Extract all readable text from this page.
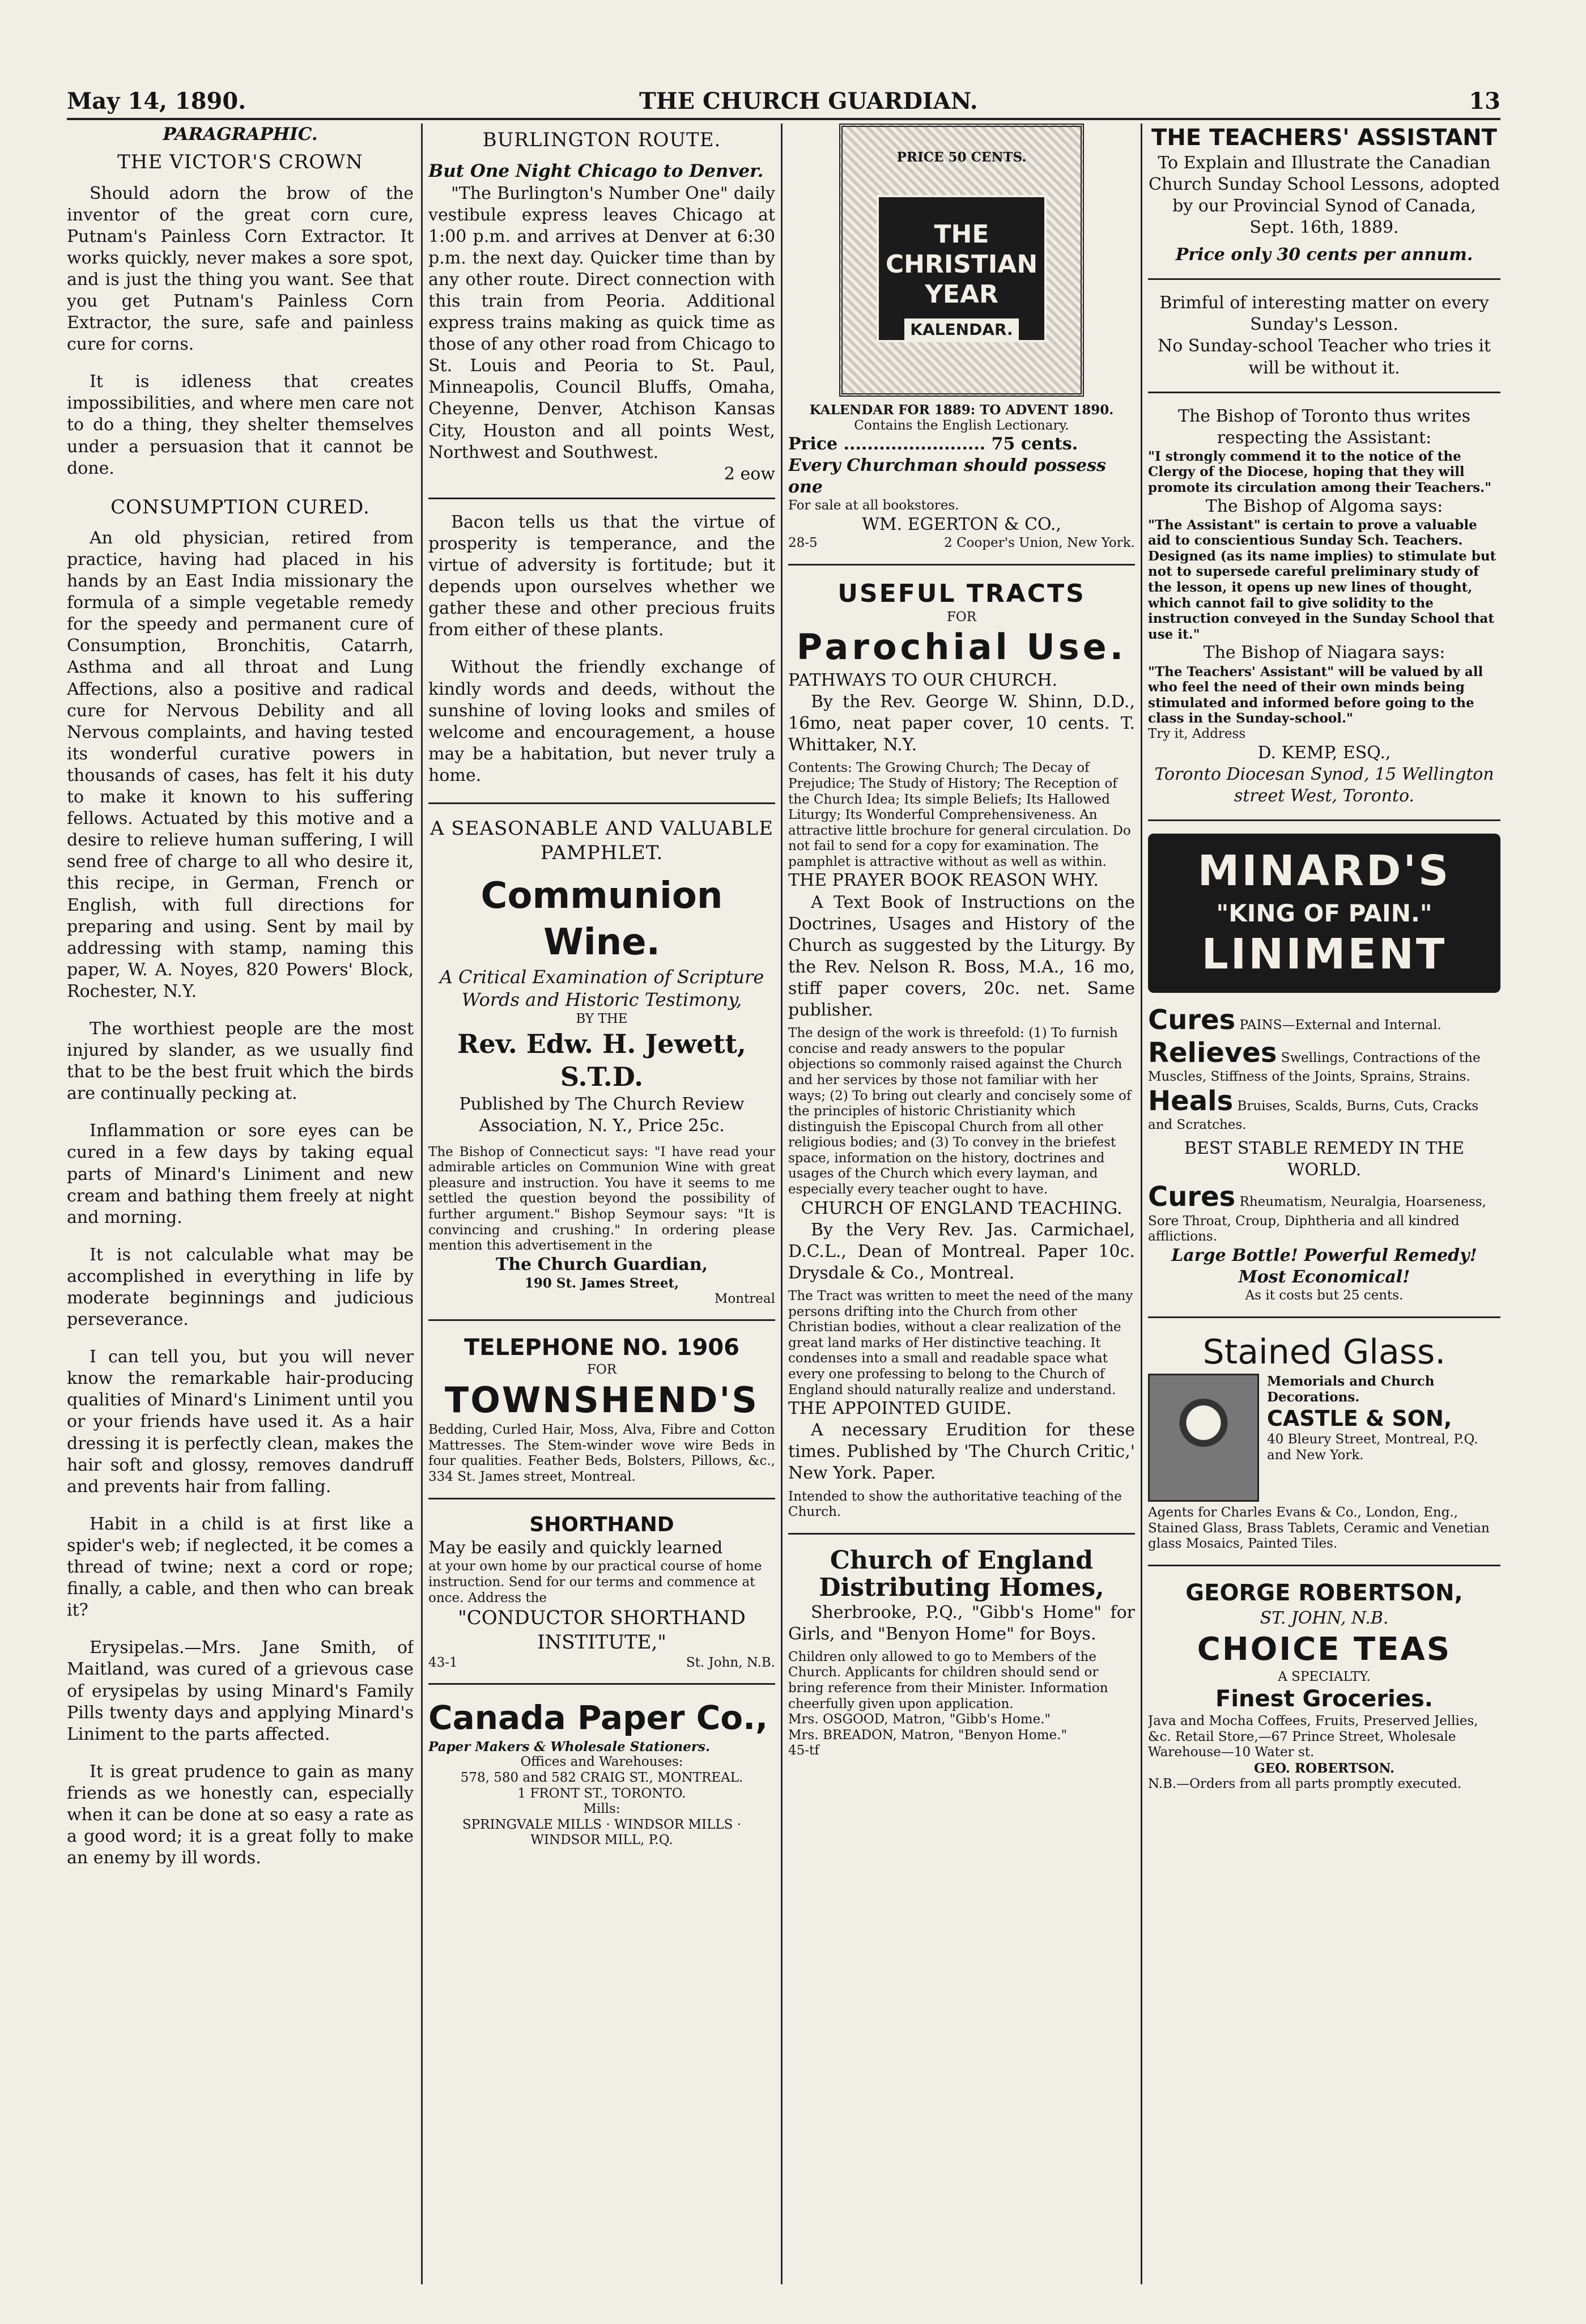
May 14, 1890.	THE CHURCH GUARDIAN.	13
PARAGRAPHIC.
THE VICTOR'S CROWN

Should adorn the brow of the inventor of the great corn cure, Putnam's Painless Corn Extractor. It works quickly, never makes a sore spot, and is just the thing you want. See that you get Putnam's Painless Corn Extractor, the sure, safe and painless cure for corns.

It is idleness that creates impossibilities, and where men care not to do a thing, they shelter themselves under a persuasion that it cannot be done.

CONSUMPTION CURED.

An old physician, retired from practice, having had placed in his hands by an East India missionary the formula of a simple vegetable remedy for the speedy and permanent cure of Consumption, Bronchitis, Catarrh, Asthma and all throat and Lung Affections, also a positive and radical cure for Nervous Debility and all Nervous complaints, and having tested its wonderful curative powers in thousands of cases, has felt it his duty to make it known to his suffering fellows. Actuated by this motive and a desire to relieve human suffering, I will send free of charge to all who desire it, this recipe, in German, French or English, with full directions for preparing and using. Sent by mail by addressing with stamp, naming this paper, W. A. Noyes, 820 Powers' Block, Rochester, N.Y.

The worthiest people are the most injured by slander, as we usually find that to be the best fruit which the birds are continually pecking at.

Inflammation or sore eyes can be cured in a few days by taking equal parts of Minard's Liniment and new cream and bathing them freely at night and morning.

It is not calculable what may be accomplished in everything in life by moderate beginnings and judicious perseverance.

I can tell you, but you will never know the remarkable hair-producing qualities of Minard's Liniment until you or your friends have used it. As a hair dressing it is perfectly clean, makes the hair soft and glossy, removes dandruff and prevents hair from falling.

Habit in a child is at first like a spider's web; if neglected, it be comes a thread of twine; next a cord or rope; finally, a cable, and then who can break it?

Erysipelas.—Mrs. Jane Smith, of Maitland, was cured of a grievous case of erysipelas by using Minard's Family Pills twenty days and applying Minard's Liniment to the parts affected.

It is great prudence to gain as many friends as we honestly can, especially when it can be done at so easy a rate as a good word; it is a great folly to make an enemy by ill words.

BURLINGTON ROUTE.
But One Night Chicago to Denver.

"The Burlington's Number One" daily vestibule express leaves Chicago at 1:00 p.m. and arrives at Denver at 6:30 p.m. the next day. Quicker time than by any other route. Direct connection with this train from Peoria. Additional express trains making as quick time as those of any other road from Chicago to St. Louis and Peoria to St. Paul, Minneapolis, Council Bluffs, Omaha, Cheyenne, Denver, Atchison Kansas City, Houston and all points West, Northwest and Southwest.

2 eow

Bacon tells us that the virtue of prosperity is temperance, and the virtue of adversity is fortitude; but it depends upon ourselves whether we gather these and other precious fruits from either of these plants.

Without the friendly exchange of kindly words and deeds, without the sunshine of loving looks and smiles of welcome and encouragement, a house may be a habitation, but never truly a home.

A SEASONABLE AND VALUABLE PAMPHLET.
Communion Wine.
A Critical Examination of Scripture Words and Historic Testimony,
BY THE
Rev. Edw. H. Jewett, S.T.D.
Published by The Church Review Association, N. Y., Price 25c.
The Bishop of Connecticut says: "I have read your admirable articles on Communion Wine with great pleasure and instruction. You have it seems to me settled the question beyond the possibility of further argument." Bishop Seymour says: "It is convincing and crushing." In ordering please mention this advertisement in the
The Church Guardian,
190 St. James Street,
Montreal
TELEPHONE NO. 1906
FOR
TOWNSHEND'S
Bedding, Curled Hair, Moss, Alva, Fibre and Cotton Mattresses. The Stem-winder wove wire Beds in four qualities. Feather Beds, Bolsters, Pillows, &c., 334 St. James street, Montreal.
SHORTHAND
May be easily and quickly learned
at your own home by our practical course of home instruction. Send for our terms and commence at once. Address the
"CONDUCTOR SHORTHAND INSTITUTE,"
43-1	St. John, N.B.
Canada Paper Co.,
Paper Makers & Wholesale Stationers.
Offices and Warehouses:
578, 580 and 582 CRAIG ST., MONTREAL.
1 FRONT ST., TORONTO.
Mills:
SPRINGVALE MILLS · WINDSOR MILLS · WINDSOR MILL, P.Q.
PRICE 50 CENTS.
THE CHRISTIAN YEAR
KALENDAR.
KALENDAR FOR 1889: TO ADVENT 1890.
Contains the English Lectionary.
Price ........................ 75 cents.
Every Churchman should possess one
For sale at all bookstores.
WM. EGERTON & CO.,
28-5	2 Cooper's Union, New York.
USEFUL TRACTS
FOR
Parochial Use.
PATHWAYS TO OUR CHURCH.

By the Rev. George W. Shinn, D.D., 16mo, neat paper cover, 10 cents. T. Whittaker, N.Y.

Contents: The Growing Church; The Decay of Prejudice; The Study of History; The Reception of the Church Idea; Its simple Beliefs; Its Hallowed Liturgy; Its Wonderful Comprehensiveness. An attractive little brochure for general circulation. Do not fail to send for a copy for examination. The pamphlet is attractive without as well as within.
THE PRAYER BOOK REASON WHY.

A Text Book of Instructions on the Doctrines, Usages and History of the Church as suggested by the Liturgy. By the Rev. Nelson R. Boss, M.A., 16 mo, stiff paper covers, 20c. net. Same publisher.

The design of the work is threefold: (1) To furnish concise and ready answers to the popular objections so commonly raised against the Church and her services by those not familiar with her ways; (2) To bring out clearly and concisely some of the principles of historic Christianity which distinguish the Episcopal Church from all other religious bodies; and (3) To convey in the briefest space, information on the history, doctrines and usages of the Church which every layman, and especially every teacher ought to have.
CHURCH OF ENGLAND TEACHING.

By the Very Rev. Jas. Carmichael, D.C.L., Dean of Montreal. Paper 10c. Drysdale & Co., Montreal.

The Tract was written to meet the need of the many persons drifting into the Church from other Christian bodies, without a clear realization of the great land marks of Her distinctive teaching. It condenses into a small and readable space what every one professing to belong to the Church of England should naturally realize and understand.
THE APPOINTED GUIDE.

A necessary Erudition for these times. Published by 'The Church Critic,' New York. Paper.

Intended to show the authoritative teaching of the Church.
Church of England Distributing Homes,

Sherbrooke, P.Q., "Gibb's Home" for Girls, and "Benyon Home" for Boys.

Children only allowed to go to Members of the Church. Applicants for children should send or bring reference from their Minister. Information cheerfully given upon application.
Mrs. OSGOOD, Matron, "Gibb's Home."
Mrs. BREADON, Matron, "Benyon Home."
45-tf
THE TEACHERS' ASSISTANT
To Explain and Illustrate the Canadian Church Sunday School Lessons, adopted by our Provincial Synod of Canada, Sept. 16th, 1889.
Price only 30 cents per annum.
Brimful of interesting matter on every Sunday's Lesson.
No Sunday-school Teacher who tries it will be without it.
The Bishop of Toronto thus writes respecting the Assistant:
"I strongly commend it to the notice of the Clergy of the Diocese, hoping that they will promote its circulation among their Teachers."
The Bishop of Algoma says:
"The Assistant" is certain to prove a valuable aid to conscientious Sunday Sch. Teachers. Designed (as its name implies) to stimulate but not to supersede careful preliminary study of the lesson, it opens up new lines of thought, which cannot fail to give solidity to the instruction conveyed in the Sunday School that use it."
The Bishop of Niagara says:
"The Teachers' Assistant" will be valued by all who feel the need of their own minds being stimulated and informed before going to the class in the Sunday-school."
Try it, Address
D. KEMP, ESQ.,
Toronto Diocesan Synod, 15 Wellington street West, Toronto.
MINARD'S
"KING OF PAIN."
LINIMENT
Cures PAINS—External and Internal.
Relieves Swellings, Contractions of the Muscles, Stiffness of the Joints, Sprains, Strains.
Heals Bruises, Scalds, Burns, Cuts, Cracks and Scratches.
BEST STABLE REMEDY IN THE WORLD.
Cures Rheumatism, Neuralgia, Hoarseness, Sore Throat, Croup, Diphtheria and all kindred afflictions.
Large Bottle! Powerful Remedy! Most Economical!
As it costs but 25 cents.
Stained Glass.
Memorials and Church Decorations.
CASTLE & SON,
40 Bleury Street, Montreal, P.Q. and New York.
Agents for Charles Evans & Co., London, Eng., Stained Glass, Brass Tablets, Ceramic and Venetian glass Mosaics, Painted Tiles.
GEORGE ROBERTSON,
ST. JOHN, N.B.
CHOICE TEAS
A SPECIALTY.
Finest Groceries.
Java and Mocha Coffees, Fruits, Preserved Jellies, &c. Retail Store,—67 Prince Street, Wholesale Warehouse—10 Water st.
GEO. ROBERTSON.
N.B.—Orders from all parts promptly executed.
